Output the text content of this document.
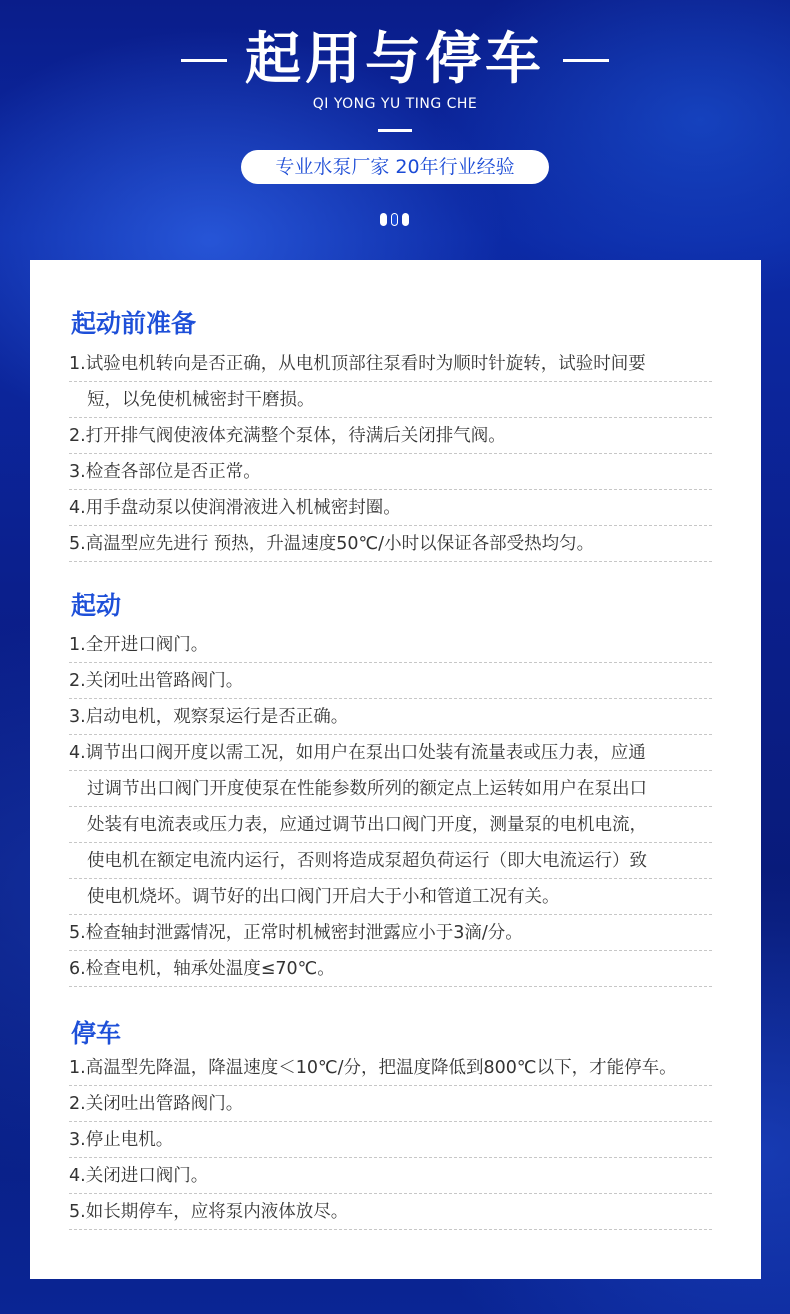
起用与停车
QI YONG YU TING CHE
专业水泵厂家 20年行业经验
起动前准备
1.试验电机转向是否正确，从电机顶部往泵看时为顺时针旋转，试验时间要
短，以免使机械密封干磨损。
2.打开排气阀使液体充满整个泵体，待满后关闭排气阀。
3.检查各部位是否正常。
4.用手盘动泵以使润滑液进入机械密封圈。
5.高温型应先进行 预热，升温速度50℃/小时以保证各部受热均匀。
起动
1.全开进口阀门。
2.关闭吐出管路阀门。
3.启动电机，观察泵运行是否正确。
4.调节出口阀开度以需工况，如用户在泵出口处装有流量表或压力表，应通
过调节出口阀门开度使泵在性能参数所列的额定点上运转如用户在泵出口
处装有电流表或压力表，应通过调节出口阀门开度，测量泵的电机电流，
使电机在额定电流内运行，否则将造成泵超负荷运行（即大电流运行）致
使电机烧坏。调节好的出口阀门开启大于小和管道工况有关。
5.检查轴封泄露情况，正常时机械密封泄露应小于3滴/分。
6.检查电机，轴承处温度≤70℃。
停车
1.高温型先降温，降温速度＜10℃/分，把温度降低到800℃以下，才能停车。
2.关闭吐出管路阀门。
3.停止电机。
4.关闭进口阀门。
5.如长期停车，应将泵内液体放尽。
